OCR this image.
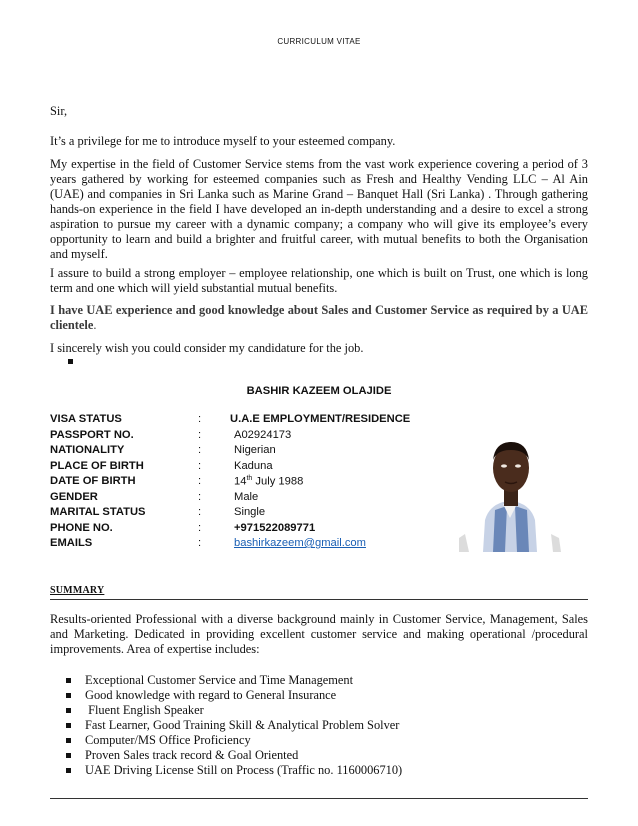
CURRICULUM VITAE
Sir,
It’s a privilege for me to introduce myself to your esteemed company.
My expertise in the field of Customer Service stems from the vast work experience covering a period of 3 years gathered by working for esteemed companies such as Fresh and Healthy Vending LLC – Al Ain (UAE) and companies in Sri Lanka such as Marine Grand – Banquet Hall (Sri Lanka) . Through gathering hands-on experience in the field I have developed an in-depth understanding and a desire to excel a strong aspiration to pursue my career with a dynamic company; a company who will give its employee’s every opportunity to learn and build a brighter and fruitful career, with mutual benefits to both the Organisation and myself.
I assure to build a strong employer – employee relationship, one which is built on Trust, one which is long term and one which will yield substantial mutual benefits.
I have UAE experience and good knowledge about Sales and Customer Service as required by a UAE clientele.
I sincerely wish you could consider my candidature for the job.
BASHIR KAZEEM OLAJIDE
VISA STATUS	:	U.A.E EMPLOYMENT/RESIDENCE
PASSPORT NO.	:	A02924173
NATIONALITY	:	Nigerian
PLACE OF BIRTH	:	Kaduna
DATE OF BIRTH	:	14th July 1988
GENDER	:	Male
MARITAL STATUS	:	Single
PHONE NO.	:	+971522089771
EMAILS	:	bashirkazeem@gmail.com
SUMMARY
Results-oriented Professional with a diverse background mainly in Customer Service, Management, Sales and Marketing. Dedicated in providing excellent customer service and making operational /procedural improvements. Area of expertise includes:
Exceptional Customer Service and Time Management
Good knowledge with regard to General Insurance
Fluent English Speaker
Fast Learner, Good Training Skill & Analytical Problem Solver
Computer/MS Office Proficiency
Proven Sales track record & Goal Oriented
UAE Driving License Still on Process (Traffic no. 1160006710)
